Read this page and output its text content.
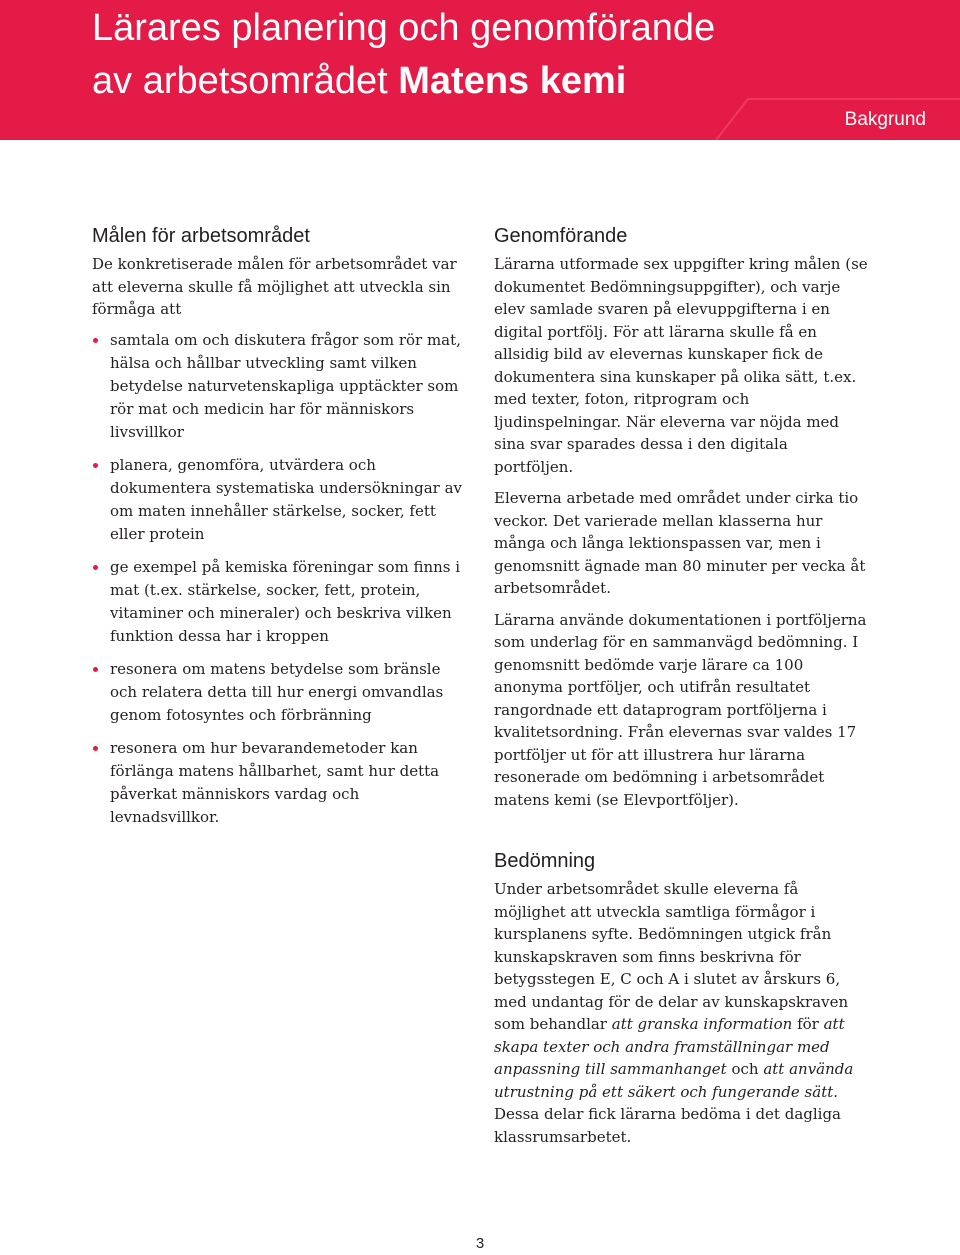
Lärares planering och genomförande
av arbetsområdet Matens kemi
Bakgrund
Målen för arbetsområdet

De konkretiserade målen för arbetsområdet var att eleverna skulle få möjlighet att utveckla sin förmåga att

samtala om och diskutera frågor som rör mat, hälsa och hållbar utveckling samt vilken betydelse naturvetenskapliga upptäckter som rör mat och medicin har för människors livsvillkor
planera, genomföra, utvärdera och dokumentera systematiska undersökningar av om maten innehåller stärkelse, socker, fett eller protein
ge exempel på kemiska föreningar som finns i mat (t.ex. stärkelse, socker, fett, protein, vitaminer och mineraler) och beskriva vilken funktion dessa har i kroppen
resonera om matens betydelse som bränsle och relatera detta till hur energi omvandlas genom fotosyntes och förbränning
resonera om hur bevarandemetoder kan förlänga matens hållbarhet, samt hur detta påverkat människors vardag och levnadsvillkor.
Genomförande

Lärarna utformade sex uppgifter kring målen (se dokumentet Bedömningsuppgifter), och varje elev samlade svaren på elevuppgifterna i en digital portfölj. För att lärarna skulle få en allsidig bild av elevernas kunskaper fick de dokumentera sina kunskaper på olika sätt, t.ex. med texter, foton, ritprogram och ljudinspelningar. När eleverna var nöjda med sina svar sparades dessa i den digitala portföljen.

Eleverna arbetade med området under cirka tio veckor. Det varierade mellan klasserna hur många och långa lektionspassen var, men i genomsnitt ägnade man 80 minuter per vecka åt arbetsområdet.

Lärarna använde dokumentationen i portföljerna som underlag för en sammanvägd bedömning. I genomsnitt bedömde varje lärare ca 100 anonyma portföljer, och utifrån resultatet rangordnade ett dataprogram portföljerna i kvalitetsordning. Från elevernas svar valdes 17 portföljer ut för att illustrera hur lärarna resonerade om bedömning i arbetsområdet matens kemi (se Elevportföljer).

Bedömning

Under arbetsområdet skulle eleverna få möjlighet att utveckla samtliga förmågor i kursplanens syfte. Bedömningen utgick från kunskapskraven som finns beskrivna för betygsstegen E, C och A i slutet av årskurs 6, med undantag för de delar av kunskapskraven som behandlar att granska information för att skapa texter och andra framställningar med anpassning till sammanhanget och att använda utrustning på ett säkert och fungerande sätt. Dessa delar fick lärarna bedöma i det dagliga klassrumsarbetet.

3
